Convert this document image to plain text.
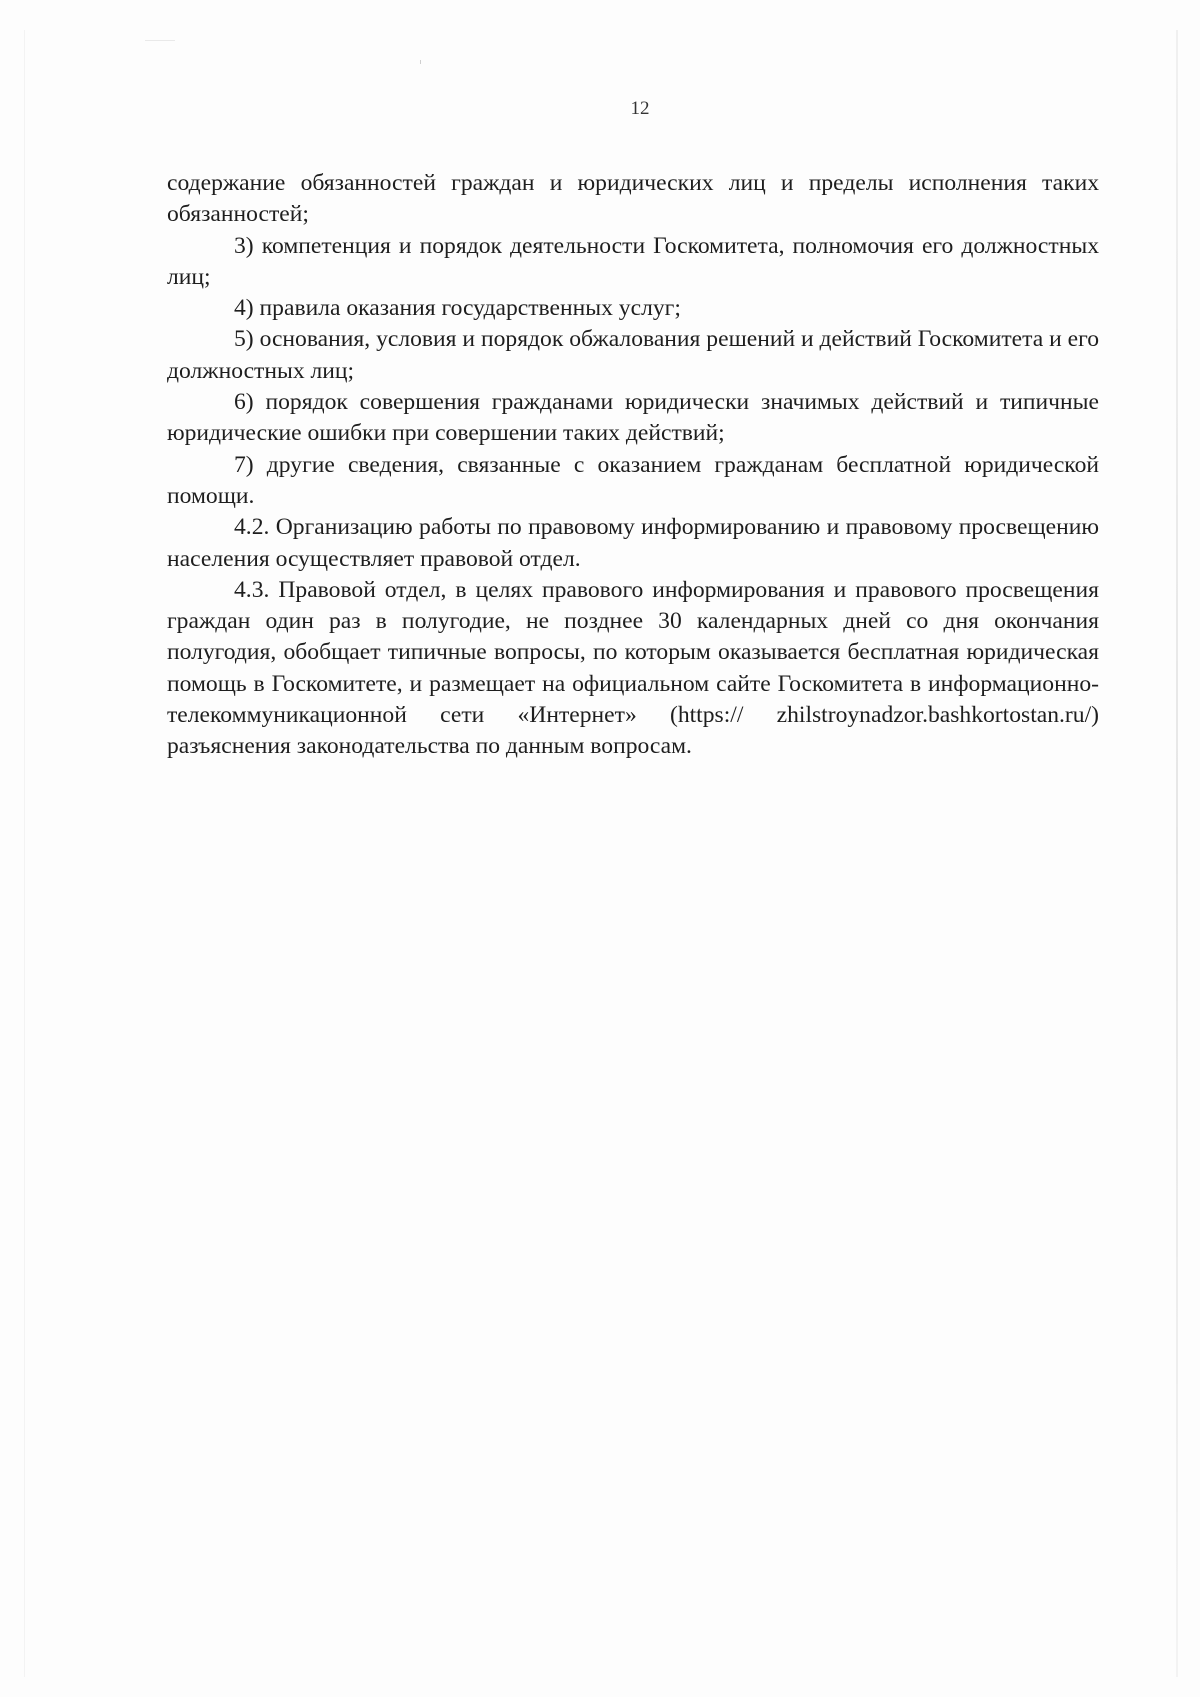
12

содержание обязанностей граждан и юридических лиц и пределы исполнения таких обязанностей;

3) компетенция и порядок деятельности Госкомитета, полномочия его должностных лиц;

4) правила оказания государственных услуг;

5) основания, условия и порядок обжалования решений и действий Госкомитета и его должностных лиц;

6) порядок совершения гражданами юридически значимых действий и типичные юридические ошибки при совершении таких действий;

7) другие сведения, связанные с оказанием гражданам бесплатной юридической помощи.

4.2. Организацию работы по правовому информированию и правовому просвещению населения осуществляет правовой отдел.

4.3. Правовой отдел, в целях правового информирования и правового просвещения граждан один раз в полугодие, не позднее 30 календарных дней со дня окончания полугодия, обобщает типичные вопросы, по которым оказывается бесплатная юридическая помощь в Госкомитете, и размещает на официальном сайте Госкомитета в информационно-телекоммуникационной сети «Интернет» (https:// zhilstroynadzor.bashkortostan.ru/) разъяснения законодательства по данным вопросам.
